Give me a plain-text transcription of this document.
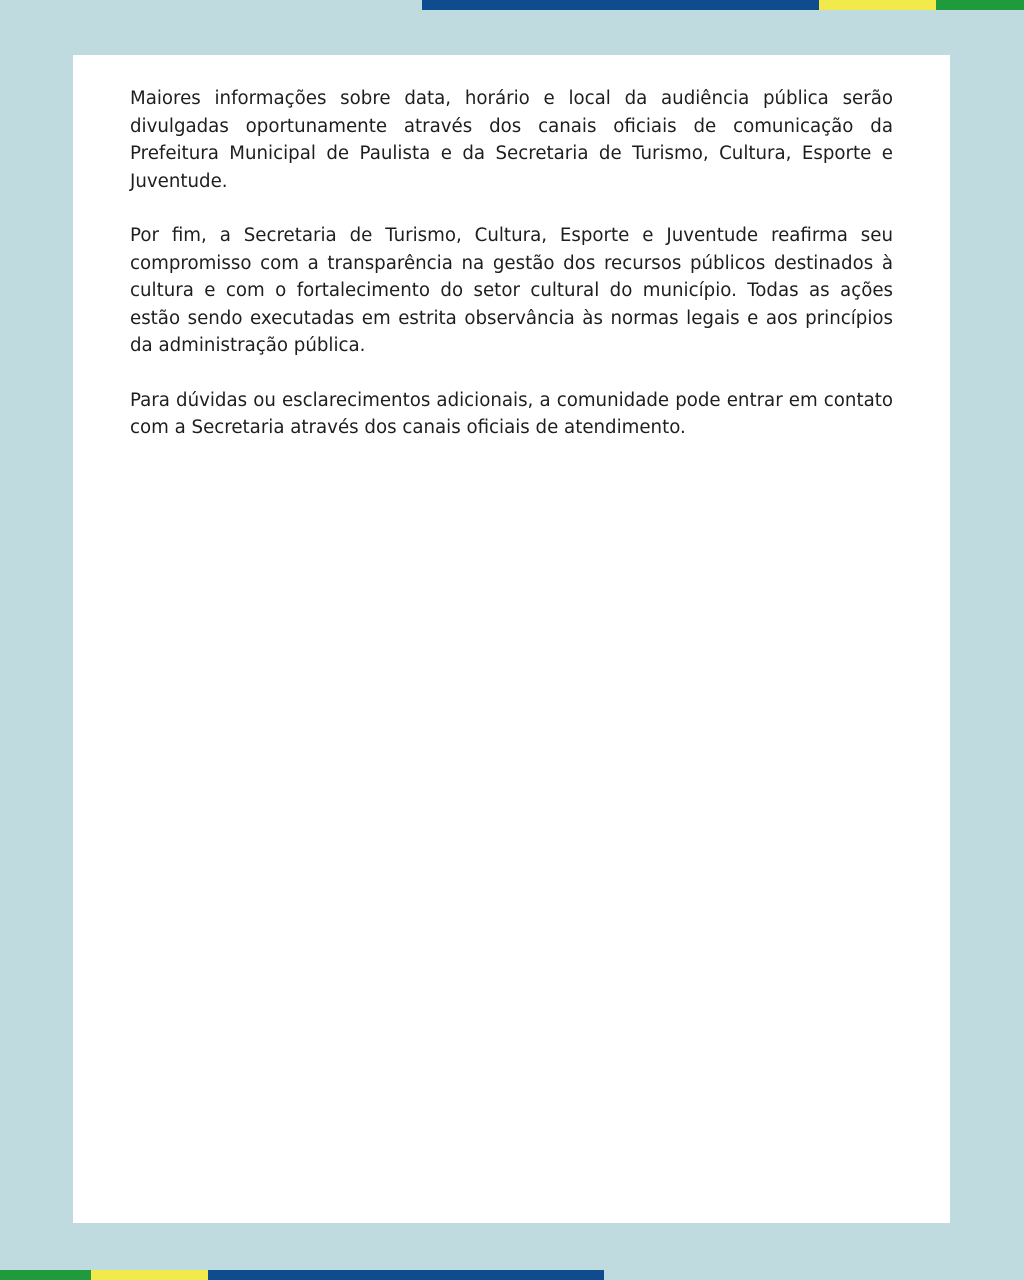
Maiores informações sobre data, horário e local da audiência pública serão divulgadas oportunamente através dos canais oficiais de comunicação da Prefeitura Municipal de Paulista e da Secretaria de Turismo, Cultura, Esporte e Juventude.

Por fim, a Secretaria de Turismo, Cultura, Esporte e Juventude reafirma seu compromisso com a transparência na gestão dos recursos públicos destinados à cultura e com o fortalecimento do setor cultural do município. Todas as ações estão sendo executadas em estrita observância às normas legais e aos princípios da administração pública.

Para dúvidas ou esclarecimentos adicionais, a comunidade pode entrar em contato com a Secretaria através dos canais oficiais de atendimento.
